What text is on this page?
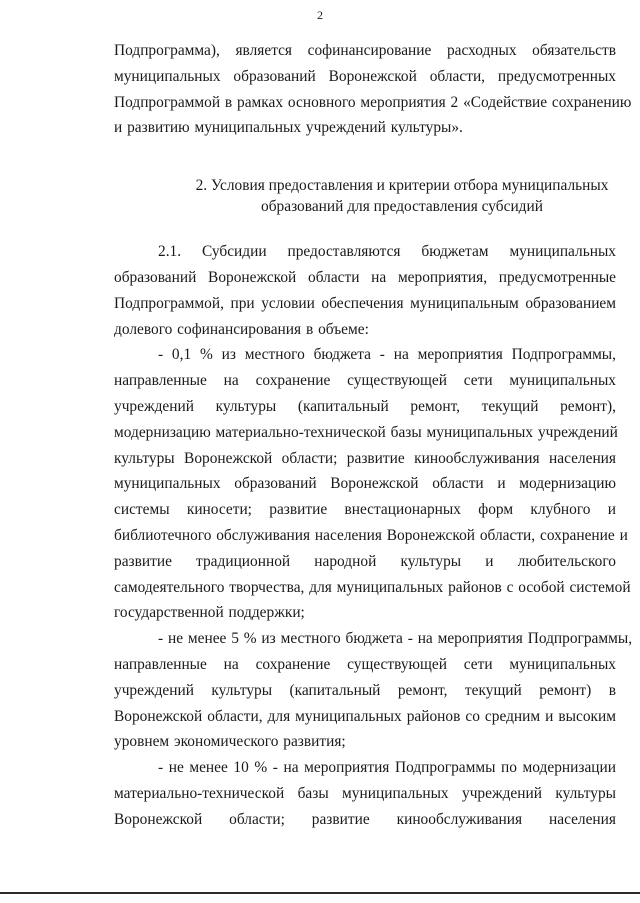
2
Подпрограмма), является софинансирование расходных обязательств
муниципальных образований Воронежской области, предусмотренных
Подпрограммой в рамках основного мероприятия 2 «Содействие сохранению
и развитию муниципальных учреждений культуры».
2. Условия предоставления и критерии отбора муниципальных
образований для предоставления субсидий
2.1. Субсидии предоставляются бюджетам муниципальных
образований Воронежской области на мероприятия, предусмотренные
Подпрограммой, при условии обеспечения муниципальным образованием
долевого софинансирования в объеме:
- 0,1 % из местного бюджета - на мероприятия Подпрограммы,
направленные на сохранение существующей сети муниципальных
учреждений культуры (капитальный ремонт, текущий ремонт),
модернизацию материально-технической базы муниципальных учреждений
культуры Воронежской области; развитие кинообслуживания населения
муниципальных образований Воронежской области и модернизацию
системы киносети; развитие внестационарных форм клубного и
библиотечного обслуживания населения Воронежской области, сохранение и
развитие традиционной народной культуры и любительского
самодеятельного творчества, для муниципальных районов с особой системой
государственной поддержки;
- не менее 5 % из местного бюджета - на мероприятия Подпрограммы,
направленные на сохранение существующей сети муниципальных
учреждений культуры (капитальный ремонт, текущий ремонт) в
Воронежской области, для муниципальных районов со средним и высоким
уровнем экономического развития;
- не менее 10 % - на мероприятия Подпрограммы по модернизации
материально-технической базы муниципальных учреждений культуры
Воронежской области; развитие кинообслуживания населения
